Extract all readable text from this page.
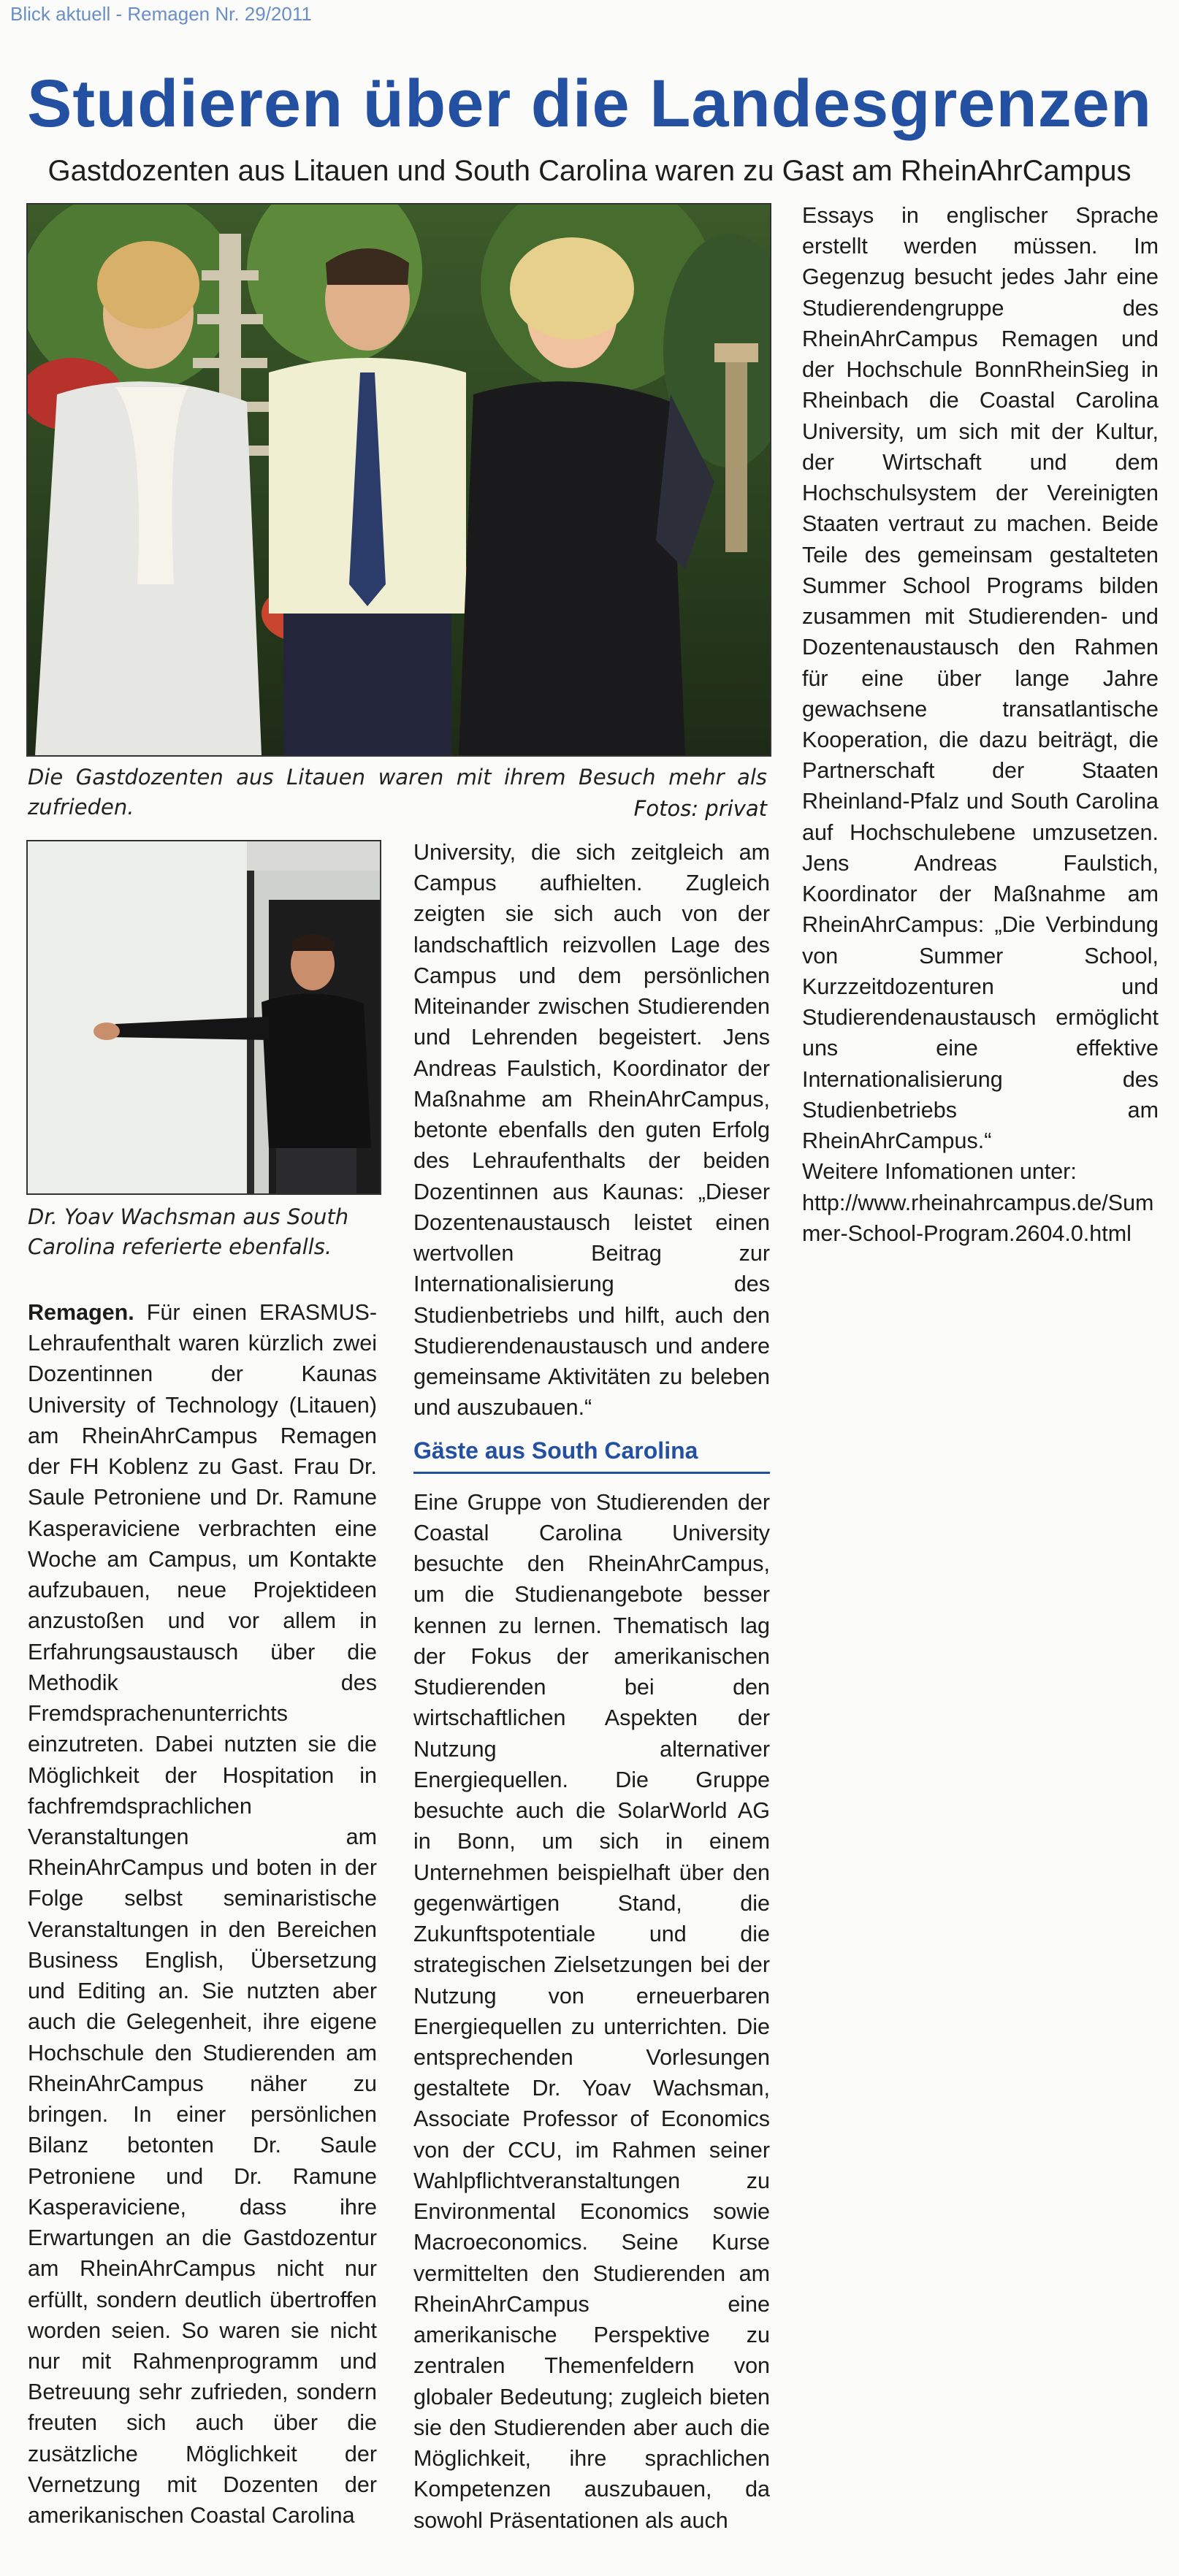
Blick aktuell - Remagen Nr. 29/2011
Studieren über die Landesgrenzen
Gastdozenten aus Litauen und South Carolina waren zu Gast am RheinAhrCampus
Die Gastdozenten aus Litauen waren mit ihrem Besuch mehr als zufrieden.	Fotos: privat
Dr. Yoav Wachsman aus South Carolina referierte ebenfalls.

Remagen. Für einen ERASMUS-Lehraufenthalt waren kürzlich zwei Dozentinnen der Kaunas University of Technology (Litauen) am RheinAhrCampus Remagen der FH Koblenz zu Gast. Frau Dr. Saule Petroniene und Dr. Ramune Kasperaviciene verbrachten eine Woche am Campus, um Kontakte aufzubauen, neue Projektideen anzustoßen und vor allem in Erfahrungsaustausch über die Methodik des Fremdsprachenunterrichts einzutreten. Dabei nutzten sie die Möglichkeit der Hospitation in fachfremdsprachlichen Veranstaltungen am RheinAhrCampus und boten in der Folge selbst seminaristische Veranstaltungen in den Bereichen Business English, Übersetzung und Editing an. Sie nutzten aber auch die Gelegenheit, ihre eigene Hochschule den Studierenden am RheinAhrCampus näher zu bringen. In einer persönlichen Bilanz betonten Dr. Saule Petroniene und Dr. Ramune Kasperaviciene, dass ihre Erwartungen an die Gastdozentur am RheinAhrCampus nicht nur erfüllt, sondern deutlich übertroffen worden seien. So waren sie nicht nur mit Rahmenprogramm und Betreuung sehr zufrieden, sondern freuten sich auch über die zusätzliche Möglichkeit der Vernetzung mit Dozenten der amerikanischen Coastal Carolina

University, die sich zeitgleich am Campus aufhielten. Zugleich zeigten sie sich auch von der landschaftlich reizvollen Lage des Campus und dem persönlichen Miteinander zwischen Studierenden und Lehrenden begeistert. Jens Andreas Faulstich, Koordinator der Maßnahme am RheinAhrCampus, betonte ebenfalls den guten Erfolg des Lehraufenthalts der beiden Dozentinnen aus Kaunas: „Dieser Dozentenaustausch leistet einen wertvollen Beitrag zur Internationalisierung des Studienbetriebs und hilft, auch den Studierendenaustausch und andere gemeinsame Aktivitäten zu beleben und auszubauen.“

Gäste aus South Carolina

Eine Gruppe von Studierenden der Coastal Carolina University besuchte den RheinAhrCampus, um die Studienangebote besser kennen zu lernen. Thematisch lag der Fokus der amerikanischen Studierenden bei den wirtschaftlichen Aspekten der Nutzung alternativer Energiequellen. Die Gruppe besuchte auch die SolarWorld AG in Bonn, um sich in einem Unternehmen beispielhaft über den gegenwärtigen Stand, die Zukunftspotentiale und die strategischen Zielsetzungen bei der Nutzung von erneuerbaren Energiequellen zu unterrichten. Die entsprechenden Vorlesungen gestaltete Dr. Yoav Wachsman, Associate Professor of Economics von der CCU, im Rahmen seiner Wahlpflichtveranstaltungen zu Environmental Economics sowie Macroeconomics. Seine Kurse vermittelten den Studierenden am RheinAhrCampus eine amerikanische Perspektive zu zentralen Themenfeldern von globaler Bedeutung; zugleich bieten sie den Studierenden aber auch die Möglichkeit, ihre sprachlichen Kompetenzen auszubauen, da sowohl Präsentationen als auch

Essays in englischer Sprache erstellt werden müssen. Im Gegenzug besucht jedes Jahr eine Studierendengruppe des RheinAhrCampus Remagen und der Hochschule BonnRheinSieg in Rheinbach die Coastal Carolina University, um sich mit der Kultur, der Wirtschaft und dem Hochschulsystem der Vereinigten Staaten vertraut zu machen. Beide Teile des gemeinsam gestalteten Summer School Programs bilden zusammen mit Studierenden- und Dozentenaustausch den Rahmen für eine über lange Jahre gewachsene transatlantische Kooperation, die dazu beiträgt, die Partnerschaft der Staaten Rheinland-Pfalz und South Carolina auf Hochschulebene umzusetzen. Jens Andreas Faulstich, Koordinator der Maßnahme am RheinAhrCampus: „Die Verbindung von Summer School, Kurzzeitdozenturen und Studierendenaustausch ermöglicht uns eine effektive Internationalisierung des Studienbetriebs am RheinAhrCampus.“

Weitere Infomationen unter:

http://www.rheinahrcampus.de/Summer-School-Program.2604.0.html
